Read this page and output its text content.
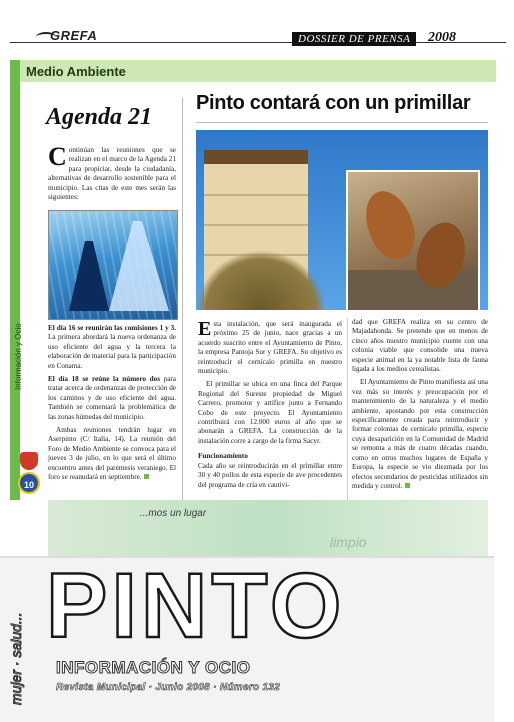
GREFA	DOSSIER DE PRENSA	2008
Medio Ambiente
Información y Ocio
10
Agenda 21

Continúan las reuniones que se realizan en el marco de la Agenda 21 para propiciar, desde la ciudadanía, alternativas de desarrollo sostenible para el municipio. Las citas de este mes serán las siguientes:

El día 16 se reunirán las comisiones 1 y 3. La primera abordará la nueva ordenanza de uso eficiente del agua y la tercera la elaboración de material para la participación en Conama.

El día 18 se reúne la número dos para tratar acerca de ordenanzas de protección de los caminos y de uso eficiente del agua. También se comentará la problemática de las zonas húmedas del municipio.

Ambas reuniones tendrán lugar en Aserpinto (C/ Italia, 14). La reunión del Foro de Medio Ambiente se convoca para el jueves 3 de julio, en lo que será el último encuentro antes del paréntesis veraniego. El foro se reanudará en septiembre.

Pinto contará con un primillar

Esta instalación, que será inaugurada el próximo 25 de junio, nace gracias a un acuerdo suscrito entre el Ayuntamiento de Pinto, la empresa Pantoja Sur y GREFA. Su objetivo es reintroducir el cernícalo primilla en nuestro municipio.

El primillar se ubica en una finca del Parque Regional del Sureste propiedad de Miguel Carrero, promotor y artífice junto a Fernando Cobo de este proyecto. El Ayuntamiento contribuirá con 12.000 euros al año que se abonarán a GREFA. La construcción de la instalación corre a cargo de la firma Sacyr.

Funcionamiento

Cada año se reintroducirán en el primillar entre 30 y 40 pollos de esta especie de ave procedentes del programa de cría en cautivi-

dad que GREFA realiza en su centro de Majadahonda. Se pretende que en menos de cinco años nuestro municipio cuente con una colonia viable que consolide una nueva especie animal en la ya notable lista de fauna ligada a los medios cerealistas.

El Ayuntamiento de Pinto manifiesta así una vez más su interés y preocupación por el mantenimiento de la naturaleza y el medio ambiente, apostando por esta construcción específicamente creada para reintroducir y formar colonias de cernícalo primilla, especie cuya desaparición en la Comunidad de Madrid se remonta a más de cuatro décadas cuando, como en otros muchos lugares de España y Europa, la especie se vio diezmada por los efectos secundarios de pesticidas utilizados sin medida y control.

...mos un lugar
limpio
PINTO
mujer · salud... INFORMACIÓN Y OCIO
Revista Municipal · Junio 2008 · Número 132
